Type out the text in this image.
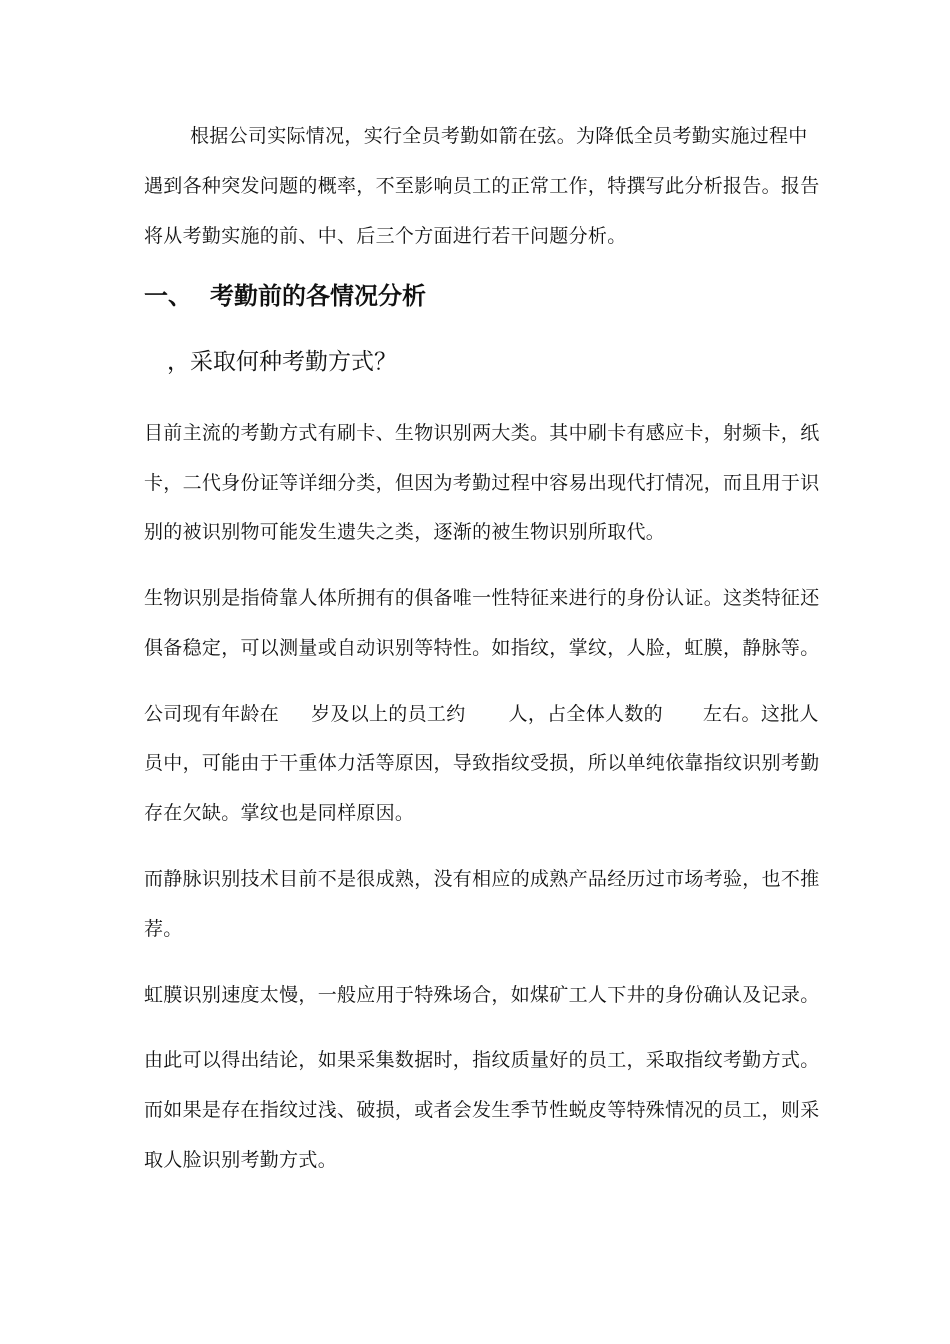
根据公司实际情况，实行全员考勤如箭在弦。为降低全员考勤实施过程中
遇到各种突发问题的概率，不至影响员工的正常工作，特撰写此分析报告。报告
将从考勤实施的前、中、后三个方面进行若干问题分析。
一、 考勤前的各情况分析
，采取何种考勤方式？
目前主流的考勤方式有刷卡、生物识别两大类。其中刷卡有感应卡，射频卡，纸
卡，二代身份证等详细分类，但因为考勤过程中容易出现代打情况，而且用于识
别的被识别物可能发生遗失之类，逐渐的被生物识别所取代。
生物识别是指倚靠人体所拥有的俱备唯一性特征来进行的身份认证。这类特征还
俱备稳定，可以测量或自动识别等特性。如指纹，掌纹，人脸，虹膜，静脉等。
公司现有年龄在 岁及以上的员工约 人，占全体人数的 左右。这批人
员中，可能由于干重体力活等原因，导致指纹受损，所以单纯依靠指纹识别考勤
存在欠缺。掌纹也是同样原因。
而静脉识别技术目前不是很成熟，没有相应的成熟产品经历过市场考验，也不推
荐。
虹膜识别速度太慢，一般应用于特殊场合，如煤矿工人下井的身份确认及记录。
由此可以得出结论，如果采集数据时，指纹质量好的员工，采取指纹考勤方式。
而如果是存在指纹过浅、破损，或者会发生季节性蜕皮等特殊情况的员工，则采
取人脸识别考勤方式。
